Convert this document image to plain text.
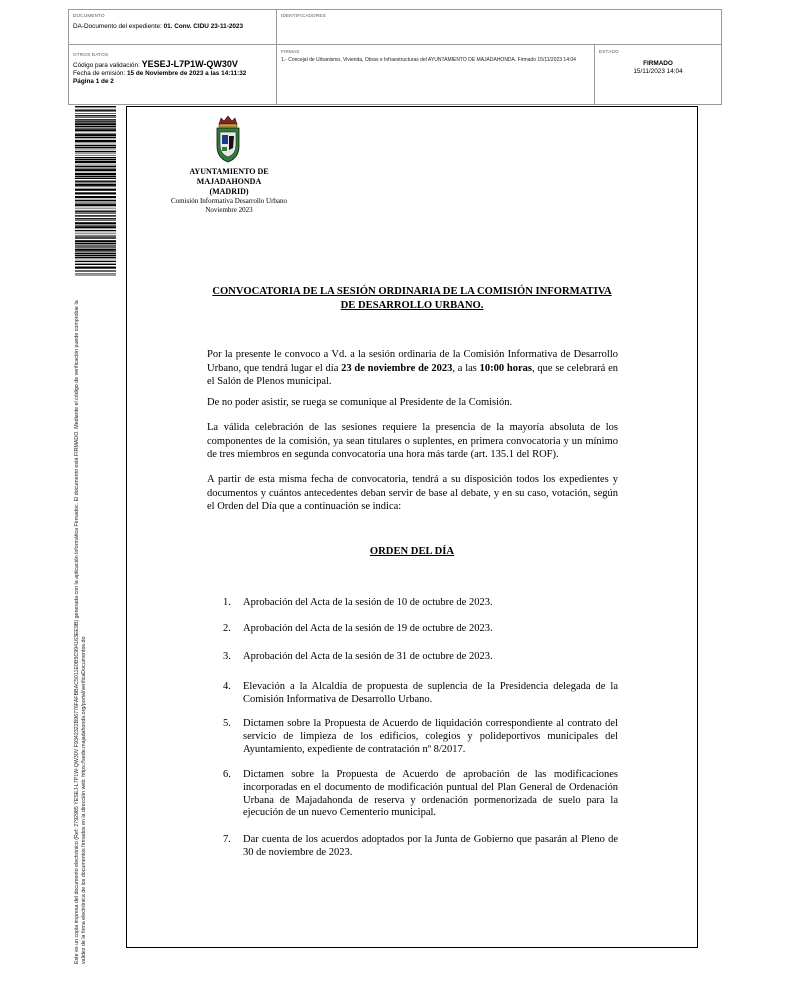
DOCUMENTO
DA-Documento del expediente: 01. Conv. CIDU 23-11-2023
IDENTIFICADORES
OTROS DATOS
Código para validación: YESEJ-L7P1W-QW30V
Fecha de emisión: 15 de Noviembre de 2023 a las 14:11:32
Página 1 de 2
FIRMAS
1.- Concejal de Urbanismo, Vivienda, Obras e Infraestructuras del AYUNTAMIENTO DE MAJADAHONDA. Firmado 15/11/2023 14:04
ESTADO
FIRMADO
15/11/2023 14:04
Este es un copia impresa del documento electrónico (Ref: 2792985 YESEJ-L7P1W-QW30V F9342322B96776FAFBBAC5011E0B5C994163EE9B) generada con la aplicación informática Firmadoc. El documento está FIRMADO. Mediante el código de verificación puede comprobar la validez de la firma electrónica de los documentos firmados en la dirección web: https://sede.majadahonda.org/portal/verificaDocumentos.do
AYUNTAMIENTO DE
MAJADAHONDA
(MADRID)
Comisión Informativa Desarrollo Urbano
Noviembre 2023
CONVOCATORIA DE LA SESIÓN ORDINARIA DE LA COMISIÓN INFORMATIVA DE DESARROLLO URBANO.
Por la presente le convoco a Vd. a la sesión ordinaria de la Comisión Informativa de Desarrollo Urbano, que tendrá lugar el día 23 de noviembre de 2023, a las 10:00 horas, que se celebrará en el Salón de Plenos municipal.
De no poder asistir, se ruega se comunique al Presidente de la Comisión.
La válida celebración de las sesiones requiere la presencia de la mayoría absoluta de los componentes de la comisión, ya sean titulares o suplentes, en primera convocatoria y un mínimo de tres miembros en segunda convocatoria una hora más tarde (art. 135.1 del ROF).
A partir de esta misma fecha de convocatoria, tendrá a su disposición todos los expedientes y documentos y cuántos antecedentes deban servir de base al debate, y en su caso, votación, según el Orden del Día que a continuación se indica:
ORDEN DEL DÍA
1.	Aprobación del Acta de la sesión de 10 de octubre de 2023.
2.	Aprobación del Acta de la sesión de 19 de octubre de 2023.
3.	Aprobación del Acta de la sesión de 31 de octubre de 2023.
4.	Elevación a la Alcaldía de propuesta de suplencia de la Presidencia delegada de la Comisión Informativa de Desarrollo Urbano.
5.	Dictamen sobre la Propuesta de Acuerdo de liquidación correspondiente al contrato del servicio de limpieza de los edificios, colegios y polideportivos municipales del Ayuntamiento, expediente de contratación nº 8/2017.
6.	Dictamen sobre la Propuesta de Acuerdo de aprobación de las modificaciones incorporadas en el documento de modificación puntual del Plan General de Ordenación Urbana de Majadahonda de reserva y ordenación pormenorizada de suelo para la ejecución de un nuevo Cementerio municipal.
7.	Dar cuenta de los acuerdos adoptados por la Junta de Gobierno que pasarán al Pleno de 30 de noviembre de 2023.
